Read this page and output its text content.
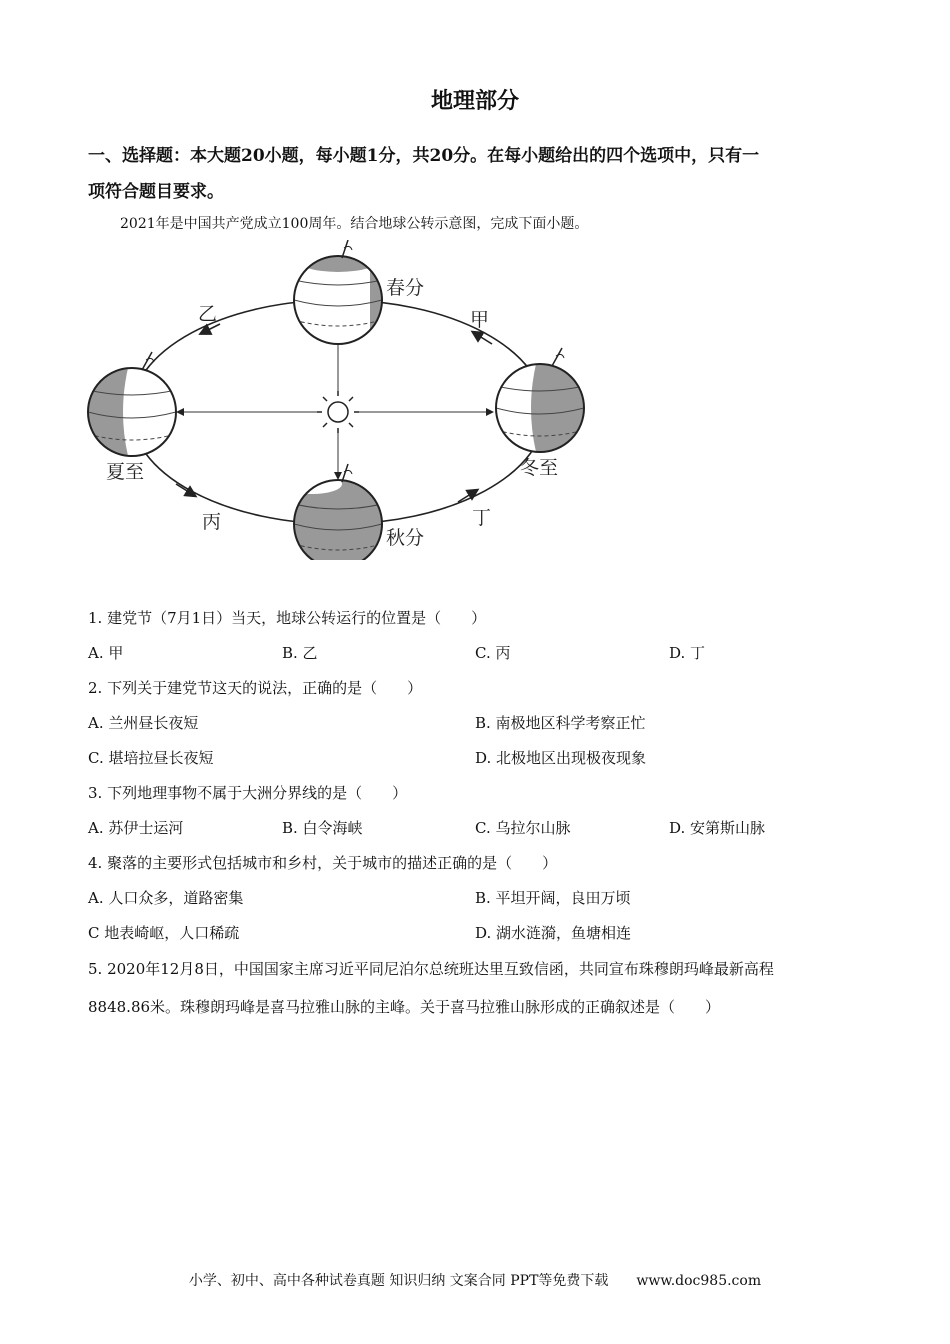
地理部分
一、选择题：本大题20小题，每小题1分，共20分。在每小题给出的四个选项中，只有一
项符合题目要求。
2021年是中国共产党成立100周年。结合地球公转示意图，完成下面小题。
春分
夏至
秋分
冬至
甲
乙
丙	丁
1. 建党节（7月1日）当天，地球公转运行的位置是（　　）
A. 甲	B. 乙	C. 丙	D. 丁
2. 下列关于建党节这天的说法，正确的是（　　）
A. 兰州昼长夜短	B. 南极地区科学考察正忙
C. 堪培拉昼长夜短	D. 北极地区出现极夜现象
3. 下列地理事物不属于大洲分界线的是（　　）
A. 苏伊士运河	B. 白令海峡	C. 乌拉尔山脉	D. 安第斯山脉
4. 聚落的主要形式包括城市和乡村，关于城市的描述正确的是（　　）
A. 人口众多，道路密集	B. 平坦开阔，良田万顷
C 地表崎岖，人口稀疏	D. 湖水涟漪，鱼塘相连
5. 2020年12月8日，中国国家主席习近平同尼泊尔总统班达里互致信函，共同宣布珠穆朗玛峰最新高程
8848.86米。珠穆朗玛峰是喜马拉雅山脉的主峰。关于喜马拉雅山脉形成的正确叙述是（　　）
小学、初中、高中各种试卷真题 知识归纳 文案合同 PPT等免费下载　　www.doc985.com
